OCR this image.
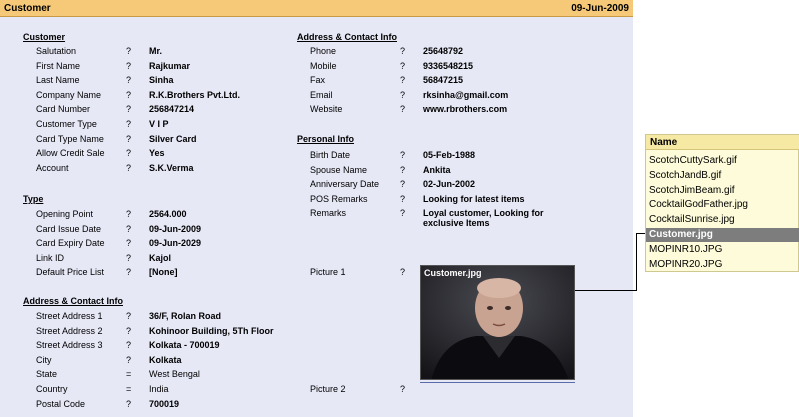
Customer	09-Jun-2009
Customer
Salutation	? Mr.
First Name	? Rajkumar
Last Name	? Sinha
Company Name	? R.K.Brothers Pvt.Ltd.
Card Number	? 256847214
Customer Type	? V I P
Card Type Name ? Silver Card
Allow Credit Sale ? Yes
Account	? S.K.Verma
Type
Opening Point	? 2564.000
Card Issue Date	? 09-Jun-2009
Card Expiry Date ? 09-Jun-2029
Link ID	? Kajol
Default Price List ? [None]
Address & Contact Info
Street Address 1	? 36/F, Rolan Road
Street Address 2	? Kohinoor Building, 5Th Floor
Street Address 3	? Kolkata - 700019
City	? Kolkata
State	= West Bengal
Country	= India
Postal Code	? 700019
Address & Contact Info
Phone	? 25648792
Mobile	? 9336548215
Fax	? 56847215
Email	? rksinha@gmail.com
Website	? www.rbrothers.com
Personal Info
Birth Date	? 05-Feb-1988
Spouse Name	? Ankita
Anniversary Date ? 02-Jun-2002
POS Remarks	? Looking for latest items
Remarks	? Loyal customer, Looking for
exclusive Items
Picture 1	? Customer.jpg
Picture 2	?
Name
ScotchCuttySark.gif
ScotchJandB.gif
ScotchJimBeam.gif
CocktailGodFather.jpg
CocktailSunrise.jpg
Customer.jpg
MOPINR10.JPG
MOPINR20.JPG
